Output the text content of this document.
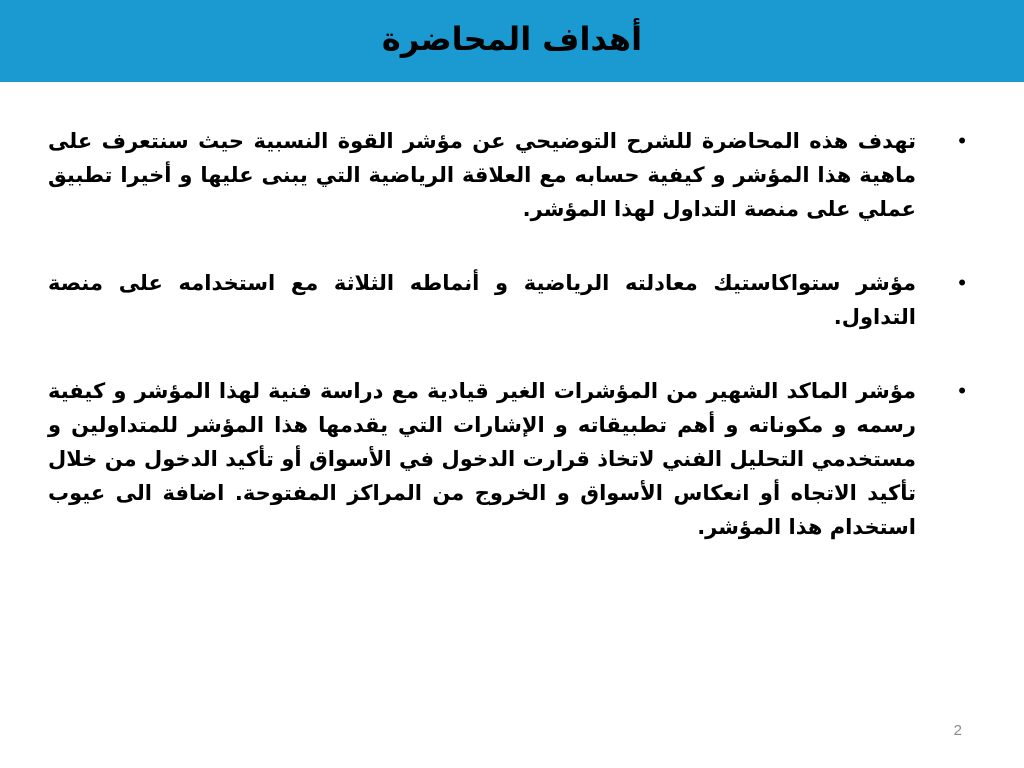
أهداف المحاضرة
•
تهدف هذه المحاضرة للشرح التوضيحي عن مؤشر القوة النسبية حيث سنتعرف على ماهية هذا المؤشر و كيفية حسابه مع العلاقة الرياضية التي يبنى عليها و أخيرا تطبيق عملي على منصة التداول لهذا المؤشر.
•
مؤشر ستواكاستيك معادلته الرياضية و أنماطه الثلاثة مع استخدامه على منصة التداول.
•
مؤشر الماكد الشهير من المؤشرات الغير قيادية مع دراسة فنية لهذا المؤشر و كيفية رسمه و مكوناته و أهم تطبيقاته و الإشارات التي يقدمها هذا المؤشر للمتداولين و مستخدمي التحليل الفني لاتخاذ قرارت الدخول في الأسواق أو تأكيد الدخول من خلال تأكيد الاتجاه أو انعكاس الأسواق و الخروج من المراكز المفتوحة. اضافة الى عيوب استخدام هذا المؤشر.
2
